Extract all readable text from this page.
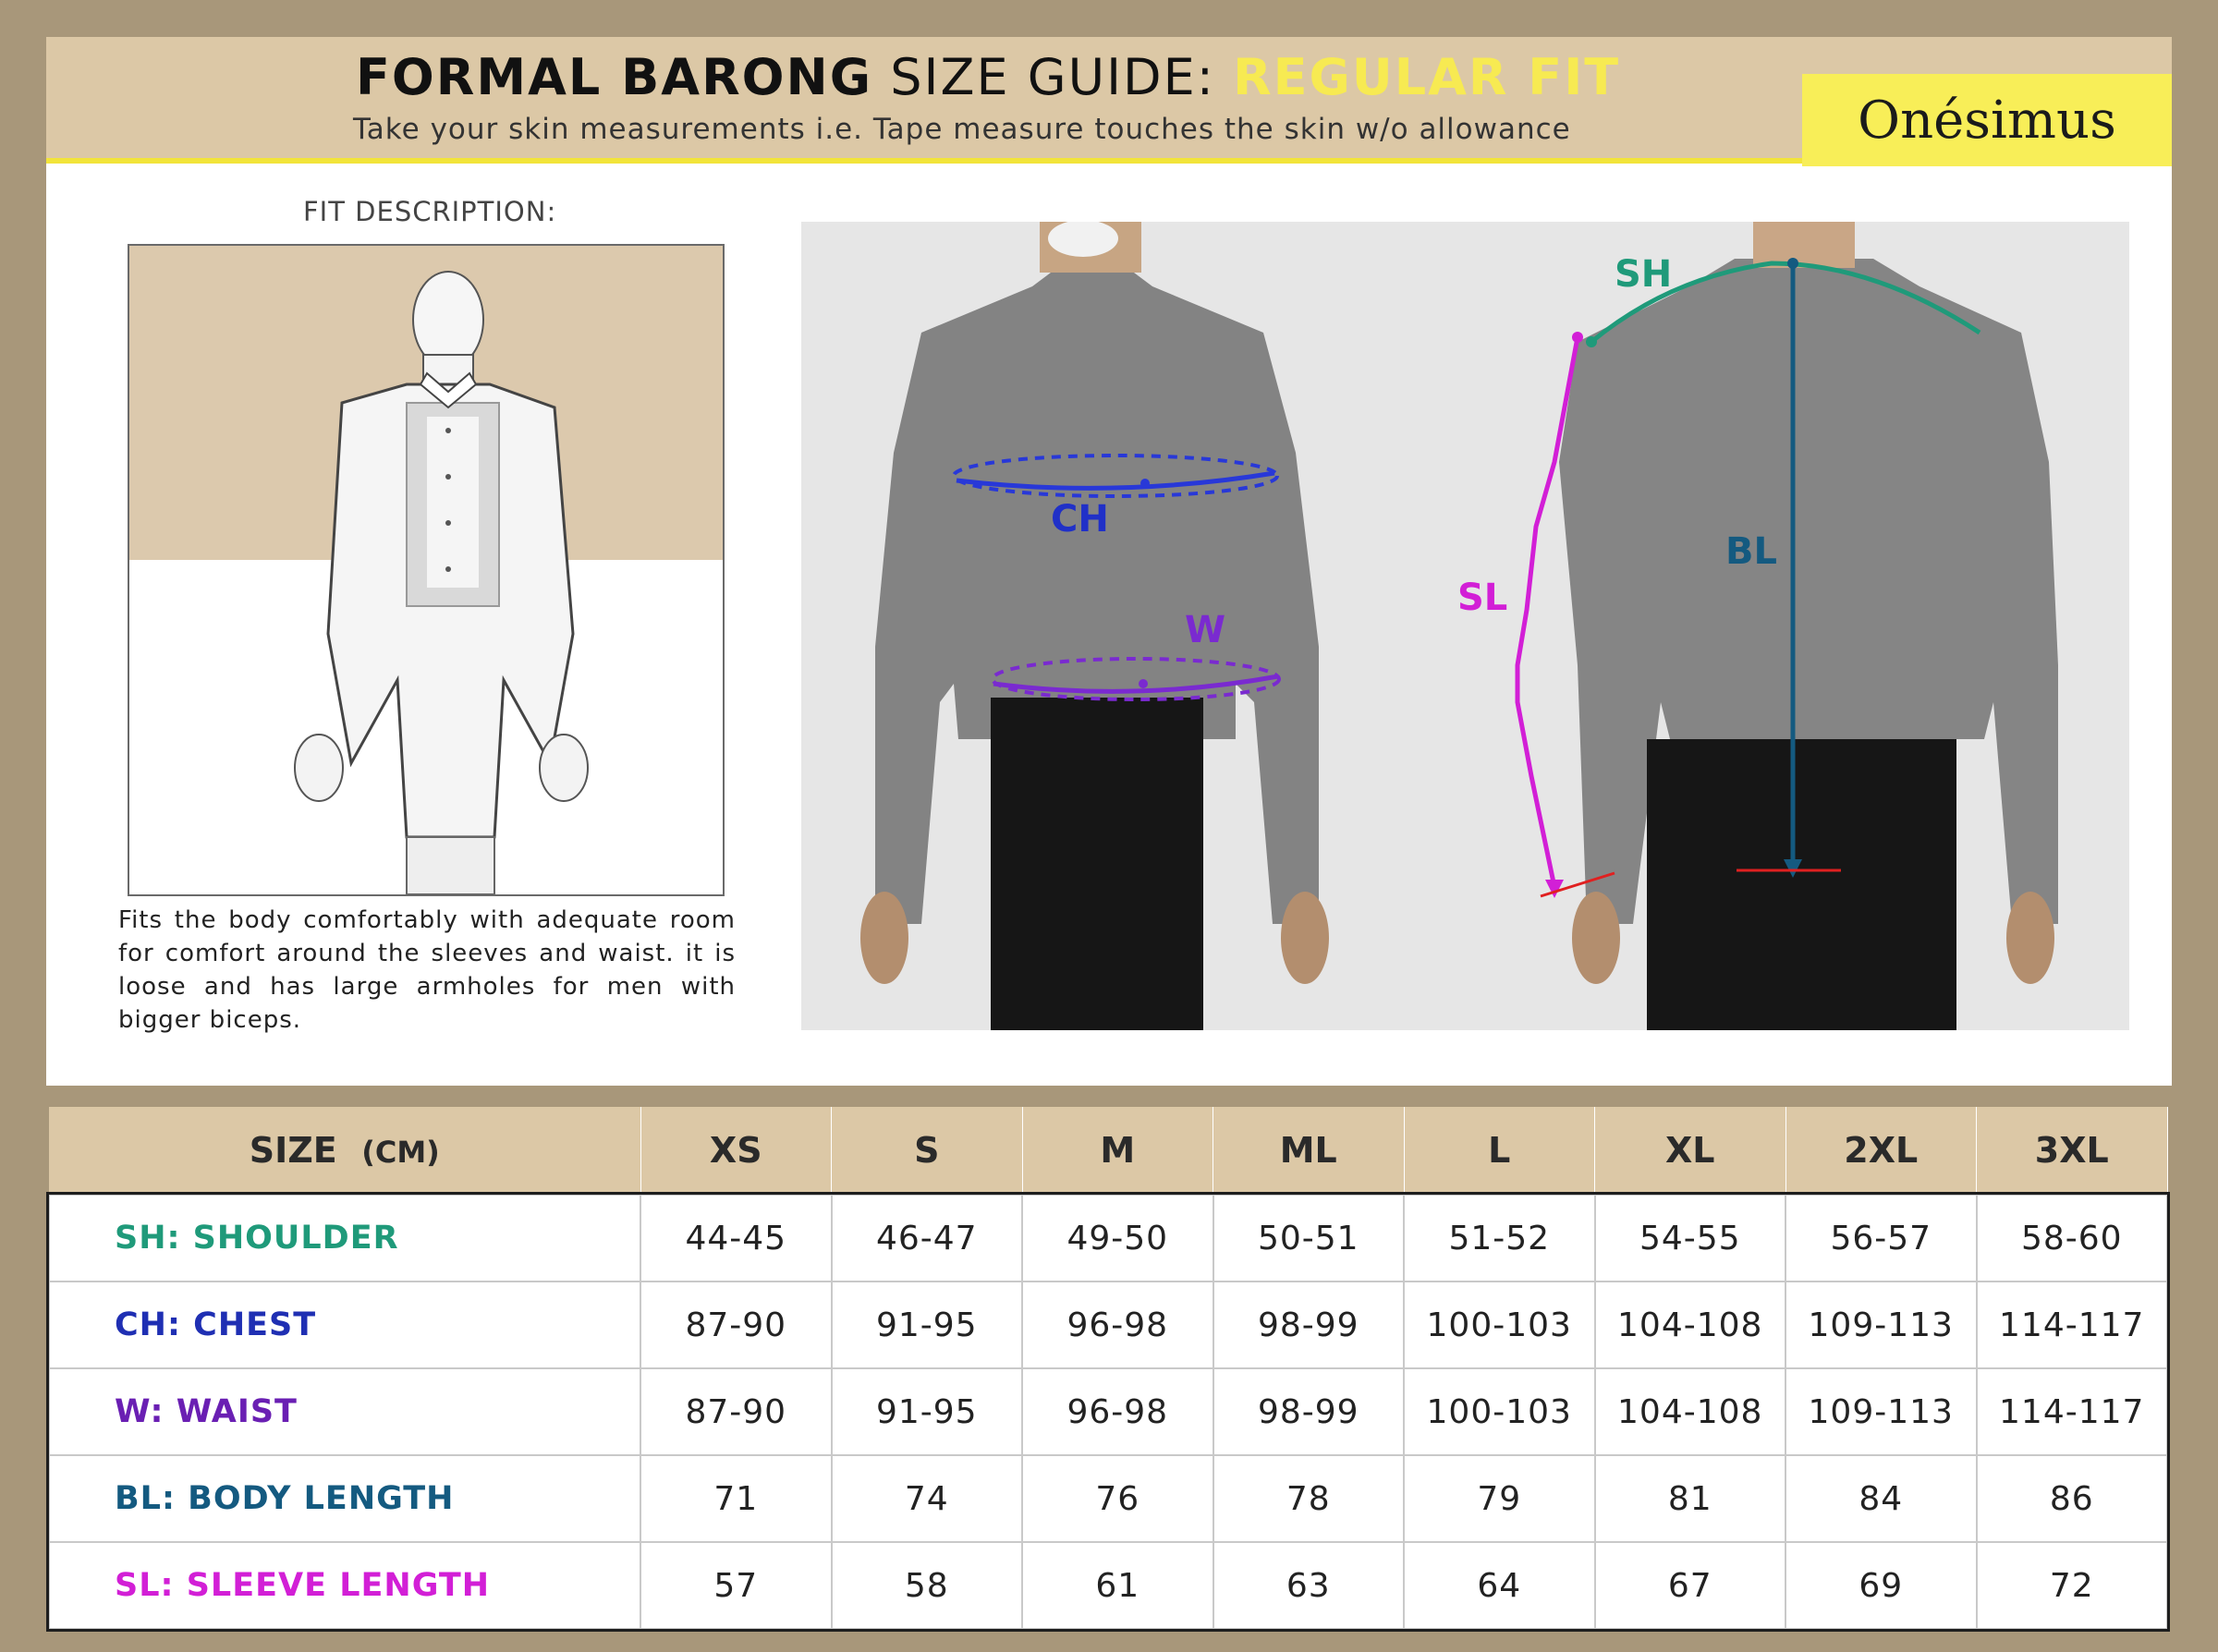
FORMAL BARONG SIZE GUIDE: REGULAR FIT
Take your skin measurements i.e. Tape measure touches the skin w/o allowance	Onésimus
FIT DESCRIPTION:
Fits the body comfortably with adequate room for comfort around the sleeves and waist. it is loose and has large armholes for men with bigger biceps.
CH
W
SH
BL
SL
SIZE (CM)	XS	S	M	ML	L	XL	2XL	3XL
SH: SHOULDER	44-45	46-47	49-50	50-51	51-52	54-55	56-57	58-60
CH: CHEST	87-90	91-95	96-98	98-99	100-103	104-108	109-113	114-117
W: WAIST	87-90	91-95	96-98	98-99	100-103	104-108	109-113	114-117
BL: BODY LENGTH	71	74	76	78	79	81	84	86
SL: SLEEVE LENGTH	57	58	61	63	64	67	69	72
